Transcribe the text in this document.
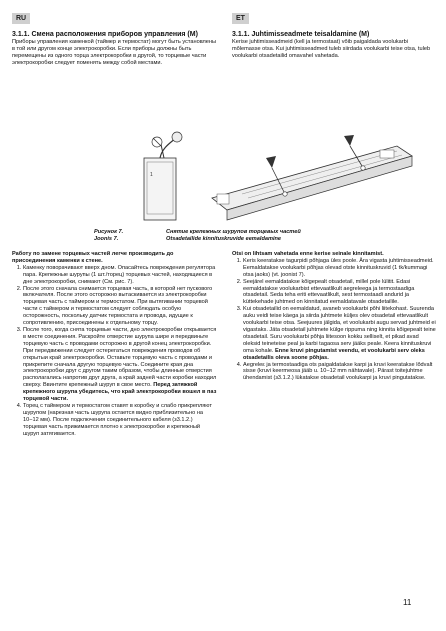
RU	ET
3.1.1. Смена расположения приборов управления (М)

Приборы управления каменкой (таймер и термостат) могут быть установлены в той или другом конце электрокоробки. Если приборы должны быть перемещены из одного торца электрокоробки в другой, то торцевые части электрокоробки следует поменять между собой местами.

3.1.1. Juhtimisseadmete teisaldamine (M)

Kerise juhtimisseadmeid (kell ja termostaat) võib paigaldada voolukarbi mõlemasse otsa. Kui juhtimisseadmed tuleb siirdada voolukarbi teise otsa, tuleb voolukarbi otsadetailid omavahel vahetada.

1
Рисунок 7.
Joonis 7.
Снятие крепежных шурупов торцевых частей
Otsadetailide kinnituskruvide eemaldamine

Работу по замене торцевых частей легче производить до присоединения каменки к стене.

1. Каменку поворачивают вверх дном. Опасайтесь повреждения регулятора пара. Крепежные шурупы (1 шт./торец) торцевых частей, находящиеся в дне электрокоробки, снимают (См. рис. 7).
2. После этого сначала снимается торцевая часть, в которой нет пускового включателя. После этого осторожно вытаскивается из электрокоробки торцевая часть с таймером и термостатом. При вытягивании торцевой части с таймером и термостатом следует соблюдать особую осторожность, поскольку датчик термостата и провода, идущие к сопротивлению, присоединены к отдельному торцу.
3. После того, когда снята торцевые части, дно электрокоробки открывается в месте соединения. Раскройте отверстие шурупа шире и передвиньте торцевую часть с проводами осторожно в другой конец электрокоробки. При передвижении следует остерегаться повреждения проводов об открытыи край электрокоробки. Оставьте торцевую часть с проводами и прикрепите сначала другую торцевую часть. Соедините края дна электрокоробки друг с другом таким образом, чтобы длинные отверстия располагались напротив друг друга, а край задней части коробки находил сверху. Ввинтите крепежный шуруп в свое место. Перед затяжкой крепежного шурупа убедитесь, что край электрокоробки вошел в паз торцевой части.
4. Торец с таймером и термостатом ставят в коробку и слабо прикрепляют шурупом (нарезная часть шурупа остается видно приблизительно на 10−12 мм). После подключения соединительного кабеля (з3.1.2.) торцевая часть прижимается плотно к электрокоробке и крепежный шуруп затягивается.

Otsi on lihtsam vahetada enne kerise seinale kinnitamist.

1. Keris keeratakse tagurpidi põhjaga üles poole. Ära vigasta juhtimisseadmeid. Eemaldatakse voolukarbi põhjas olevad otste kinnituskruvid (1 tk/kummagi otsa jaoks) (vt. joonist 7).
2. Seejärel eemaldatakse kõigepealt otsadetail, millel pole lülitit. Edasi eemaldatakse voolukarbist ettevaatlikult aegreleega ja termostaadiga otsadetail. Seda teha eriti ettevaatlikult, sest termostaadi andurid ja küttekehade juhtmed on kinnitatud eemaldatavale otsadetailile.
3. Kui otsadetailid on eemaldatud, avaneb voolukarbi põhi liitekohast. Suurenda auku veidi teise käega ja siirda juhtmete küljes olev otsadetail ettevaatlikult voolukarbi teise otsa. Seejuures jälgida, et voolukarbi augu servad juhtmeid ei vigastaks. Jäta otsadetail juhtmete külge rippuma ning kinnita kõigepealt teine otsadetail. Suru voolukarbi põhja liitesoon kokku selliselt, et pikad avad oleksid teineteise peal ja karbi tagaosa serv jääks peale. Keera kinnituskruvi oma kohale. Enne kruvi pingutamist veendu, et voolukarbi serv oleks otsadetailis oleva soone põhjas.
4. Aegreleε ja termostaadiga ots paigaldatakse karpi ja kruvi keeratakse lõdvalt sisse (kruvi keermeosa jääb u. 10−12 mm nähtavale). Pärast toitejuhtme ühendamist (з3.1.2.) lükatakse otsadetail voolukarpi ja kruvi pingutatakse.
11
